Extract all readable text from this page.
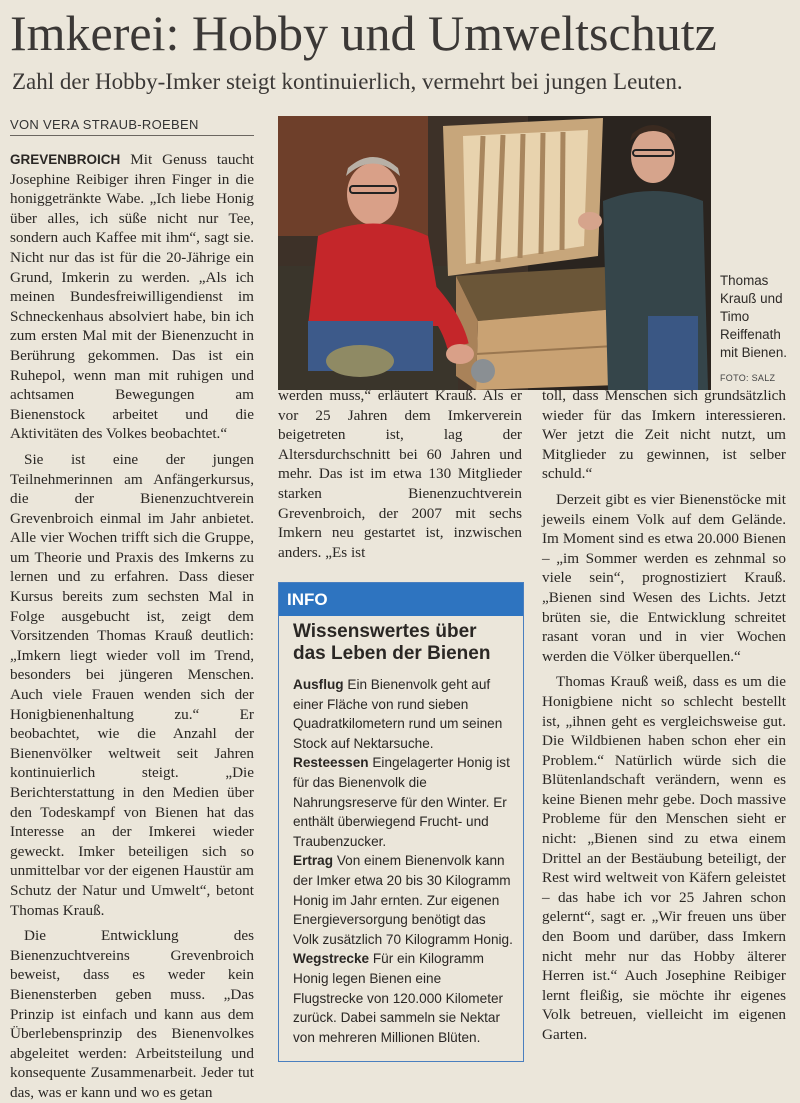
Imkerei: Hobby und Umweltschutz
Zahl der Hobby-Imker steigt kontinuierlich, vermehrt bei jungen Leuten.
VON VERA STRAUB-ROEBEN

GREVENBROICH Mit Genuss taucht Josephine Reibiger ihren Finger in die honiggetränkte Wabe. „Ich liebe Honig über alles, ich süße nicht nur Tee, sondern auch Kaffee mit ihm“, sagt sie. Nicht nur das ist für die 20-Jährige ein Grund, Imkerin zu werden. „Als ich meinen Bundesfreiwilligendienst im Schneckenhaus absolviert habe, bin ich zum ersten Mal mit der Bienenzucht in Berührung gekommen. Das ist ein Ruhepol, wenn man mit ruhigen und achtsamen Bewegungen am Bienenstock arbeitet und die Aktivitäten des Volkes beobachtet.“

Sie ist eine der jungen Teilnehmerinnen am Anfängerkursus, die der Bienenzuchtverein Grevenbroich einmal im Jahr anbietet. Alle vier Wochen trifft sich die Gruppe, um Theorie und Praxis des Imkerns zu lernen und zu erfahren. Dass dieser Kursus bereits zum sechsten Mal in Folge ausgebucht ist, zeigt dem Vorsitzenden Thomas Krauß deutlich: „Imkern liegt wieder voll im Trend, besonders bei jüngeren Menschen. Auch viele Frauen wenden sich der Honigbienenhaltung zu.“ Er beobachtet, wie die Anzahl der Bienenvölker weltweit seit Jahren kontinuierlich steigt. „Die Berichterstattung in den Medien über den Todeskampf von Bienen hat das Interesse an der Imkerei wieder geweckt. Imker beteiligen sich so unmittelbar vor der eigenen Haustür am Schutz der Natur und Umwelt“, betont Thomas Krauß.

Die Entwicklung des Bienenzuchtvereins Grevenbroich beweist, dass es weder kein Bienensterben geben muss. „Das Prinzip ist einfach und kann aus dem Überlebensprinzip des Bienenvolkes abgeleitet werden: Arbeitsteilung und konsequente Zusammenarbeit. Jeder tut das, was er kann und wo es getan

Thomas Krauß und Timo Reiffenath mit Bienen.
FOTO: SALZ

werden muss,“ erläutert Krauß. Als er vor 25 Jahren dem Imkerverein beigetreten ist, lag der Altersdurchschnitt bei 60 Jahren und mehr. Das ist im etwa 130 Mitglieder starken Bienenzuchtverein Grevenbroich, der 2007 mit sechs Imkern neu gestartet ist, inzwischen anders. „Es ist

INFO
Wissenswertes über das Leben der Bienen

Ausflug Ein Bienenvolk geht auf einer Fläche von rund sieben Quadratkilometern rund um seinen Stock auf Nektarsuche.

Resteessen Eingelagerter Honig ist für das Bienenvolk die Nahrungsreserve für den Winter. Er enthält überwiegend Frucht- und Traubenzucker.

Ertrag Von einem Bienenvolk kann der Imker etwa 20 bis 30 Kilogramm Honig im Jahr ernten. Zur eigenen Energieversorgung benötigt das Volk zusätzlich 70 Kilogramm Honig.

Wegstrecke Für ein Kilogramm Honig legen Bienen eine Flugstrecke von 120.000 Kilometer zurück. Dabei sammeln sie Nektar von mehreren Millionen Blüten.

toll, dass Menschen sich grundsätzlich wieder für das Imkern interessieren. Wer jetzt die Zeit nicht nutzt, um Mitglieder zu gewinnen, ist selber schuld.“

Derzeit gibt es vier Bienenstöcke mit jeweils einem Volk auf dem Gelände. Im Moment sind es etwa 20.000 Bienen – „im Sommer werden es zehnmal so viele sein“, prognostiziert Krauß. „Bienen sind Wesen des Lichts. Jetzt brüten sie, die Entwicklung schreitet rasant voran und in vier Wochen werden die Völker überquellen.“

Thomas Krauß weiß, dass es um die Honigbiene nicht so schlecht bestellt ist, „ihnen geht es vergleichsweise gut. Die Wildbienen haben schon eher ein Problem.“ Natürlich würde sich die Blütenlandschaft verändern, wenn es keine Bienen mehr gebe. Doch massive Probleme für den Menschen sieht er nicht: „Bienen sind zu etwa einem Drittel an der Bestäubung beteiligt, der Rest wird weltweit von Käfern geleistet – das habe ich vor 25 Jahren schon gelernt“, sagt er. „Wir freuen uns über den Boom und darüber, dass Imkern nicht mehr nur das Hobby älterer Herren ist.“ Auch Josephine Reibiger lernt fleißig, sie möchte ihr eigenes Volk betreuen, vielleicht im eigenen Garten.
